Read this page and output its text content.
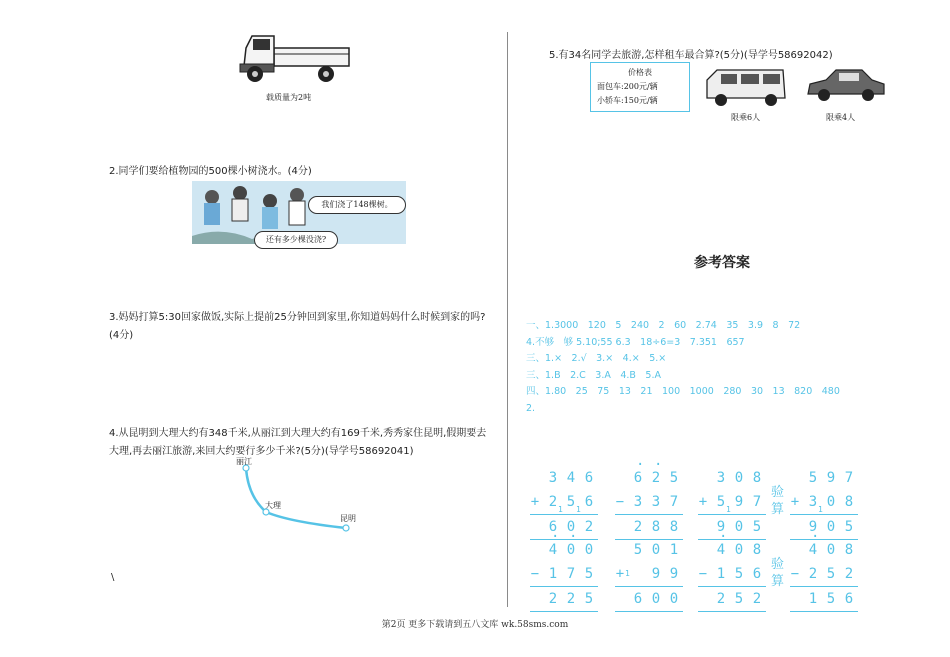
载质量为2吨
2.同学们要给植物园的500棵小树浇水。(4分)
我们浇了148棵树。
还有多少棵没浇?
3.妈妈打算5:30回家做饭,实际上提前25分钟回到家里,你知道妈妈什么时候到家的吗?(4分)
4.从昆明到大理大约有348千米,从丽江到大理大约有169千米,秀秀家住昆明,假期要去大理,再去丽江旅游,来回大约要行多少千米?(5分)(导学号58692041)
丽江
大理
昆明
\
5.有34名同学去旅游,怎样租车最合算?(5分)(导学号58692042)
价格表
面包车:200元/辆
小轿车:150元/辆
限乘6人	限乘4人
参考答案
一、1.3000　120　5　240　2　60　2.74　35　3.9　8　72
4.不够　够 5.10;55 6.3　18÷6=3　7.351　657
三、1.×　2.√　3.×　4.×　5.×
三、1.B　2.C　3.A　4.B　5.A
四、1.80　25　75　13　21　100　1000　280　30　13　820　480
2.
3 4 6
+ 2 5
1 6
1
6 0 2
6
·
2
·
5
− 3 3 7
2 8 8
3 0 8
+ 5 9
1 7
9 0 5
5 9 7
+ 3 0
1 8
9 0 5
4
·
0
·
0
− 1 7 5
2 2 5
5 0 1
+ 1 9 9
6 0 0
4
·
0 8
− 1 5 6
2 5 2
4
·
0 8
− 2 5 2
1 5 6
验
算
验
算
第2页 更多下载请到五八文库 wk.58sms.com
